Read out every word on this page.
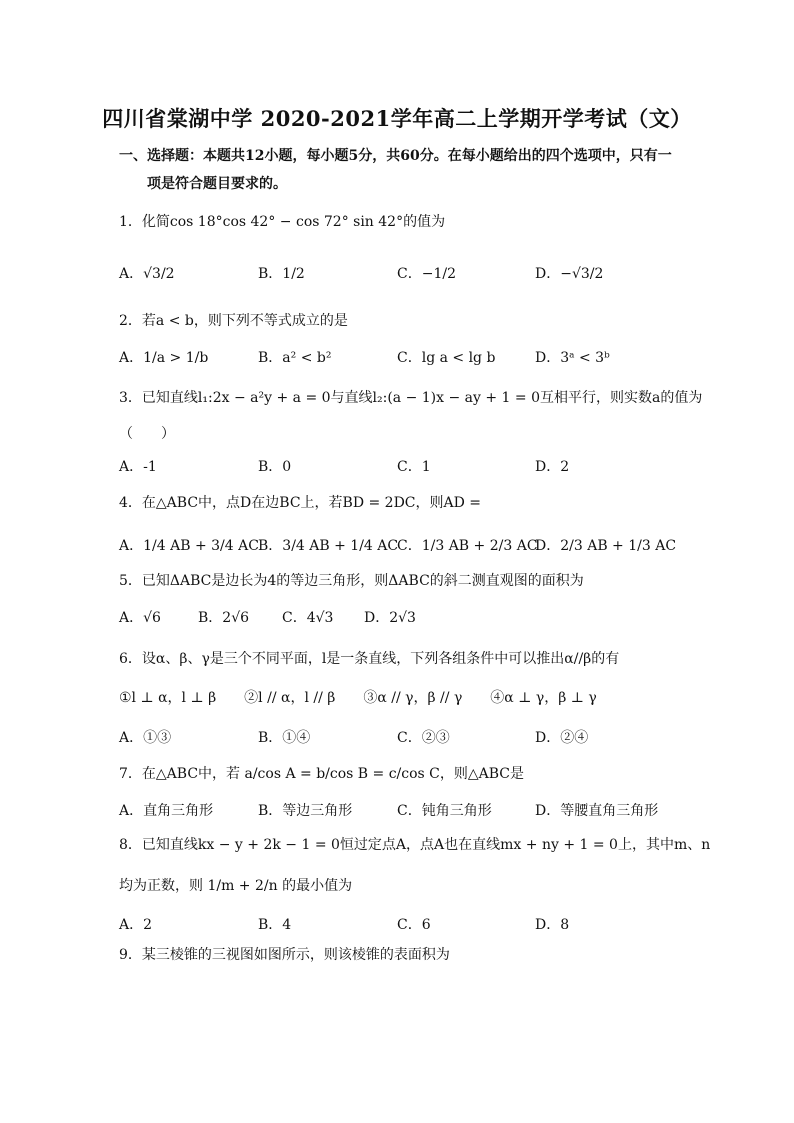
四川省棠湖中学 2020-2021学年高二上学期开学考试（文）
一、选择题：本题共12小题，每小题5分，共60分。在每小题给出的四个选项中，只有一
项是符合题目要求的。
1．化简cos 18°cos 42° − cos 72° sin 42°的值为
A．√3/2	B．1/2	C．−1/2	D．−√3/2
2．若a < b，则下列不等式成立的是
A．1/a > 1/b	B．a² < b²	C．lg a < lg b	D．3ᵃ < 3ᵇ
3．已知直线l₁:2x − a²y + a = 0与直线l₂:(a − 1)x − ay + 1 = 0互相平行，则实数a的值为
（　　）
A．-1	B．0	C．1	D．2
4．在△ABC中，点D在边BC上，若BD = 2DC，则AD =
A．1/4 AB + 3/4 AC B．3/4 AB + 1/4 AC
C．1/3 AB + 2/3 AC
D．2/3 AB + 1/3 AC
5．已知ΔABC是边长为4的等边三角形，则ΔABC的斜二测直观图的面积为
A．√6	B．2√6 C．4√3 D．2√3
6．设α、β、γ是三个不同平面，l是一条直线，下列各组条件中可以推出α//β的有
①l ⊥ α，l ⊥ β　　②l // α，l // β　　③α // γ，β // γ　　④α ⊥ γ，β ⊥ γ
A．①③	B．①④	C．②③	D．②④
7．在△ABC中，若 a/cos A = b/cos B = c/cos C，则△ABC是
A．直角三角形	B．等边三角形	C．钝角三角形	D．等腰直角三角形
8．已知直线kx − y + 2k − 1 = 0恒过定点A，点A也在直线mx + ny + 1 = 0上，其中m、n
均为正数，则 1/m + 2/n 的最小值为
A．2	B．4	C．6	D．8
9．某三棱锥的三视图如图所示，则该棱锥的表面积为
